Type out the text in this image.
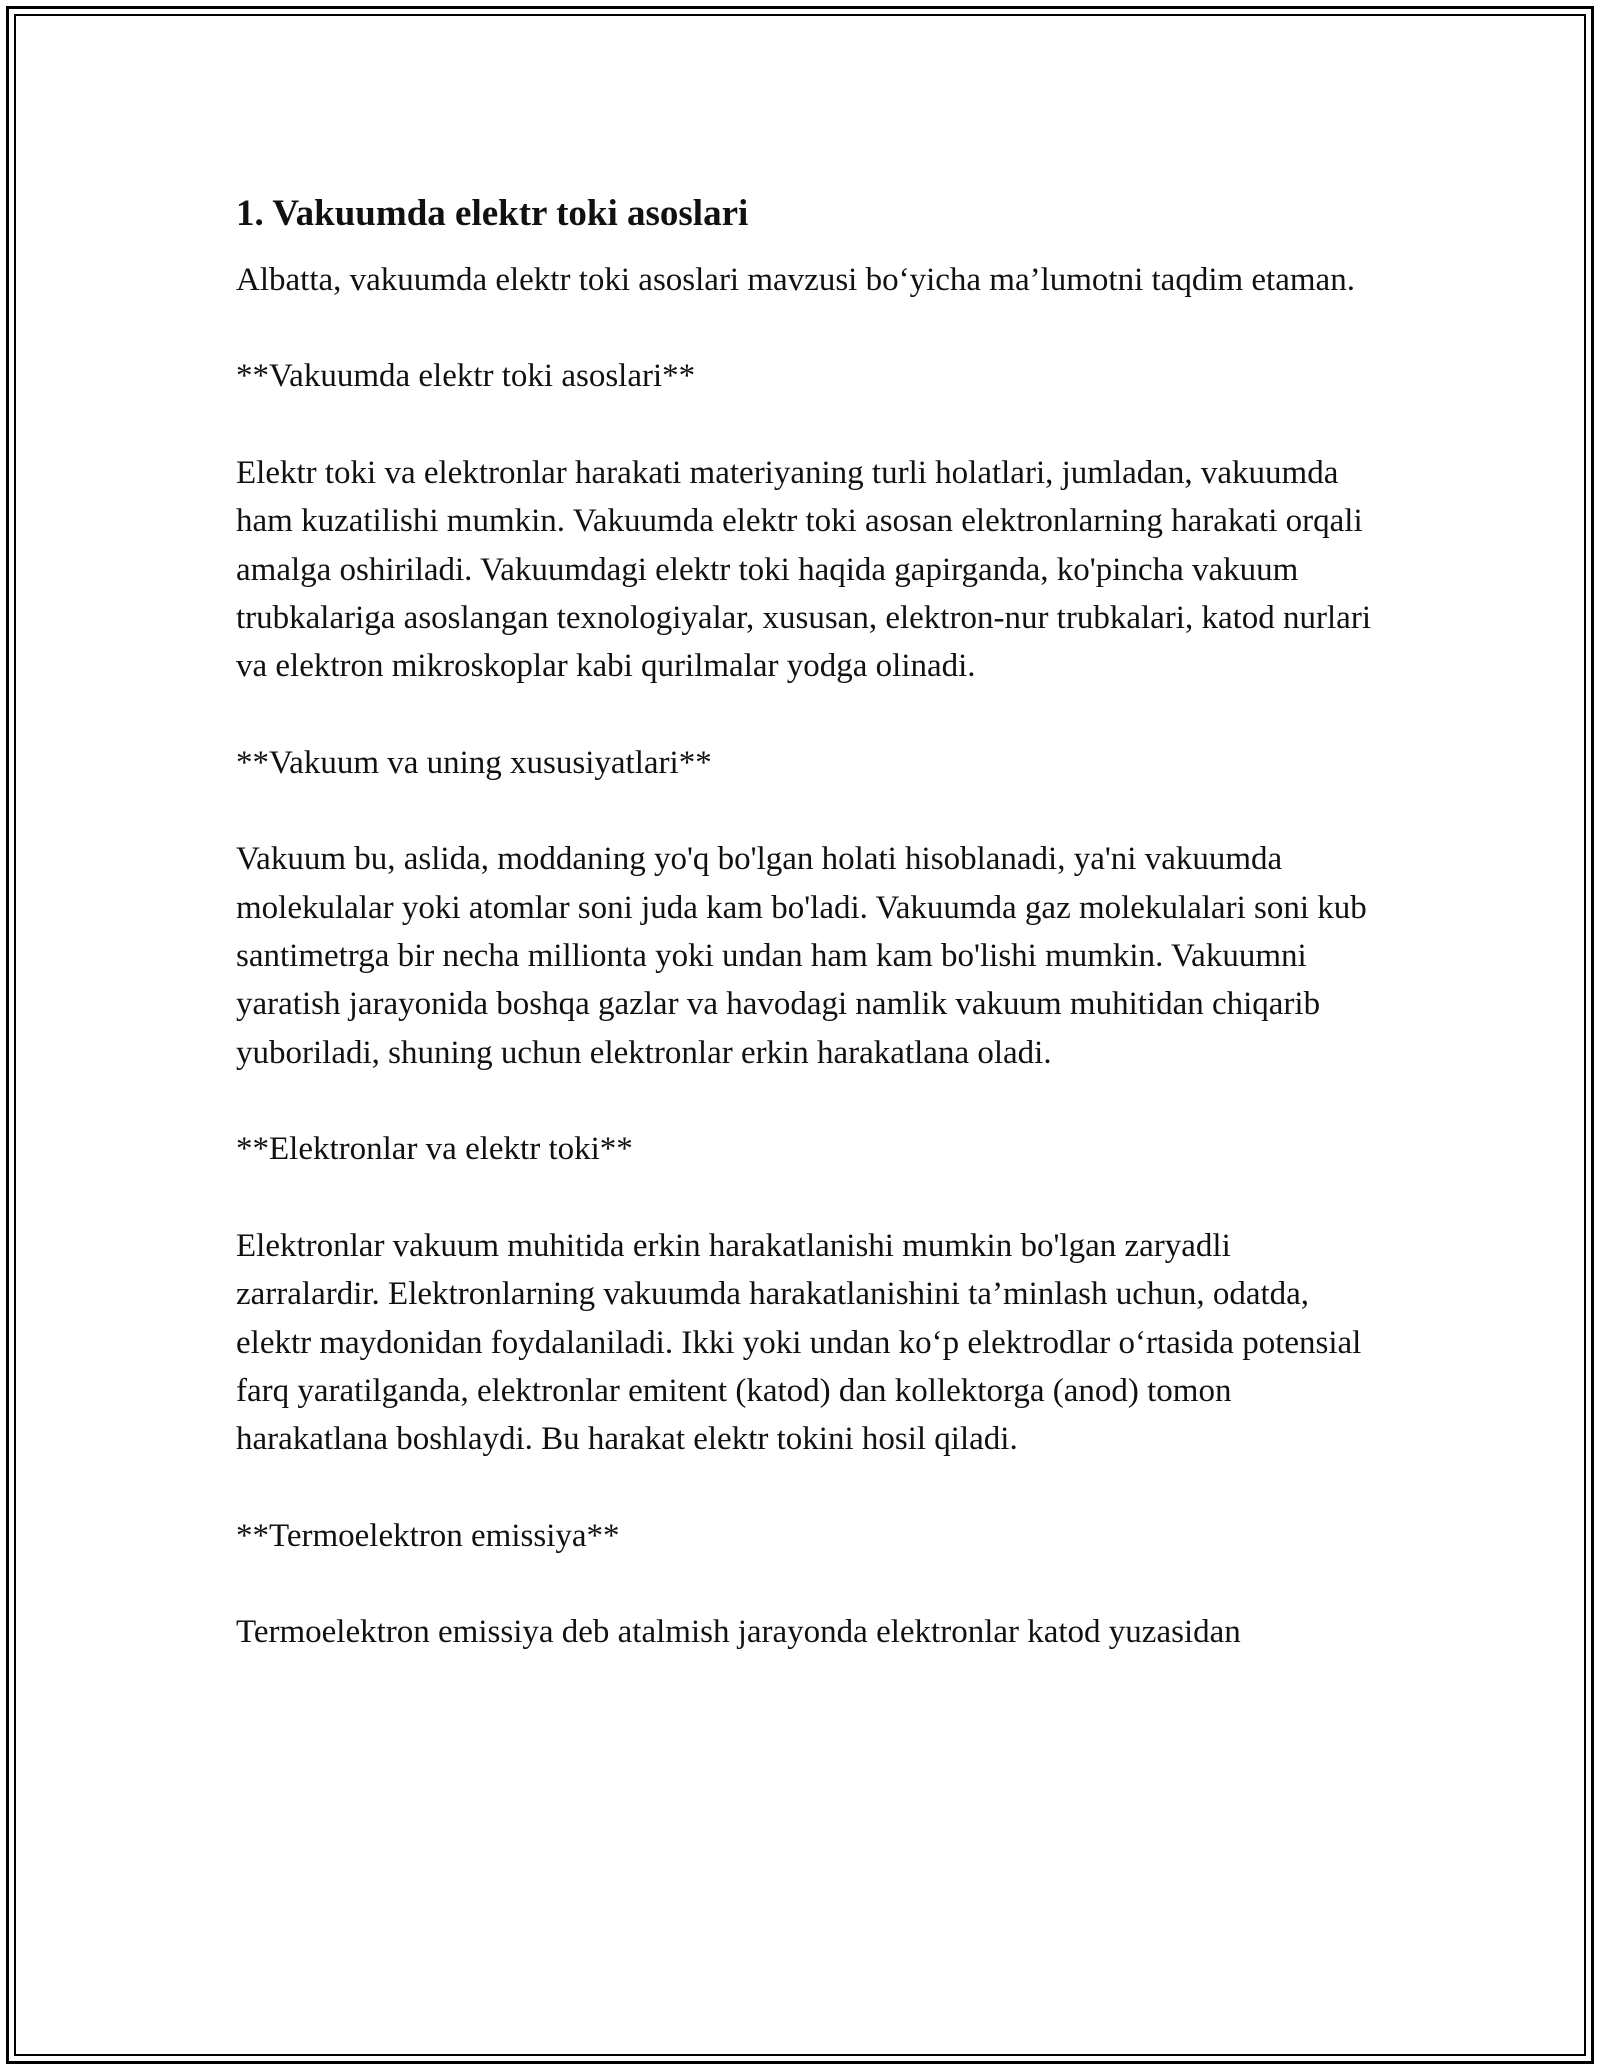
1. Vakuumda elektr toki asoslari

Albatta, vakuumda elektr toki asoslari mavzusi bo‘yicha ma’lumotni taqdim etaman.

**Vakuumda elektr toki asoslari**

Elektr toki va elektronlar harakati materiyaning turli holatlari, jumladan, vakuumda ham kuzatilishi mumkin. Vakuumda elektr toki asosan elektronlarning harakati orqali amalga oshiriladi. Vakuumdagi elektr toki haqida gapirganda, ko'pincha vakuum trubkalariga asoslangan texnologiyalar, xususan, elektron-nur trubkalari, katod nurlari va elektron mikroskoplar kabi qurilmalar yodga olinadi.

**Vakuum va uning xususiyatlari**

Vakuum bu, aslida, moddaning yo'q bo'lgan holati hisoblanadi, ya'ni vakuumda molekulalar yoki atomlar soni juda kam bo'ladi. Vakuumda gaz molekulalari soni kub santimetrga bir necha millionta yoki undan ham kam bo'lishi mumkin. Vakuumni yaratish jarayonida boshqa gazlar va havodagi namlik vakuum muhitidan chiqarib yuboriladi, shuning uchun elektronlar erkin harakatlana oladi.

**Elektronlar va elektr toki**

Elektronlar vakuum muhitida erkin harakatlanishi mumkin bo'lgan zaryadli zarralardir. Elektronlarning vakuumda harakatlanishini ta’minlash uchun, odatda, elektr maydonidan foydalaniladi. Ikki yoki undan ko‘p elektrodlar o‘rtasida potensial farq yaratilganda, elektronlar emitent (katod) dan kollektorga (anod) tomon harakatlana boshlaydi. Bu harakat elektr tokini hosil qiladi.

**Termoelektron emissiya**

Termoelektron emissiya deb atalmish jarayonda elektronlar katod yuzasidan
